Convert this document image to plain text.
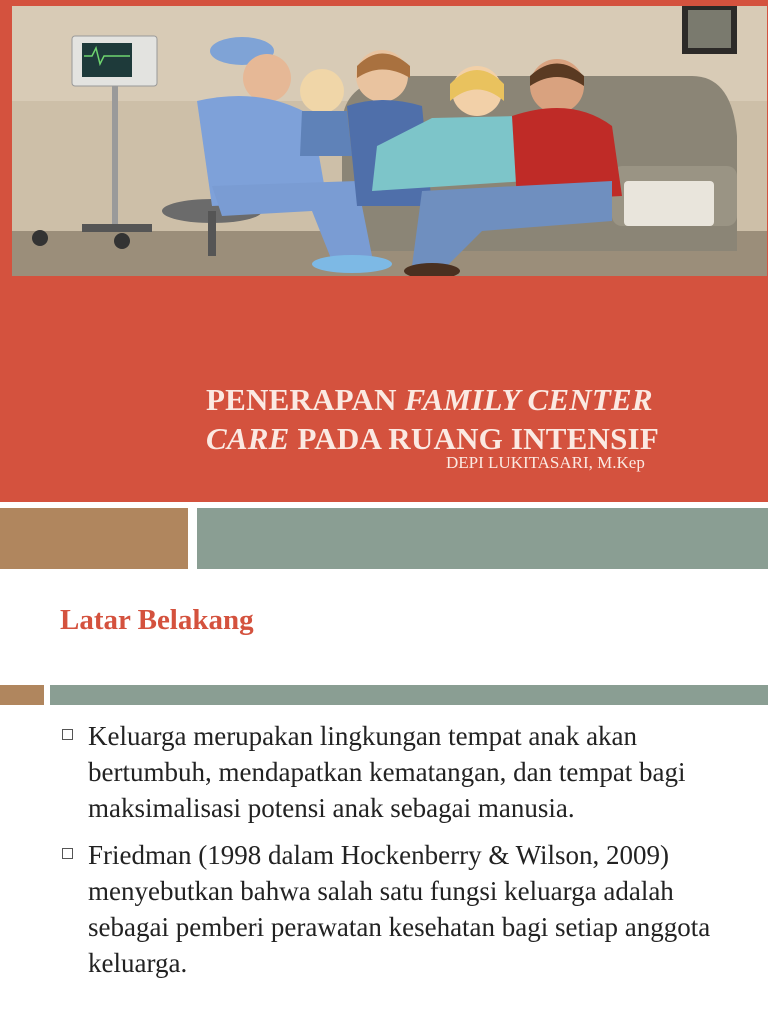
PENERAPAN FAMILY CENTER
CARE PADA RUANG INTENSIF
DEPI LUKITASARI, M.Kep
Latar Belakang
Keluarga merupakan lingkungan tempat anak akan bertumbuh, mendapatkan kematangan, dan tempat bagi maksimalisasi potensi anak sebagai manusia.
Friedman (1998 dalam Hockenberry & Wilson, 2009) menyebutkan bahwa salah satu fungsi keluarga adalah sebagai pemberi perawatan kesehatan bagi setiap anggota keluarga.
